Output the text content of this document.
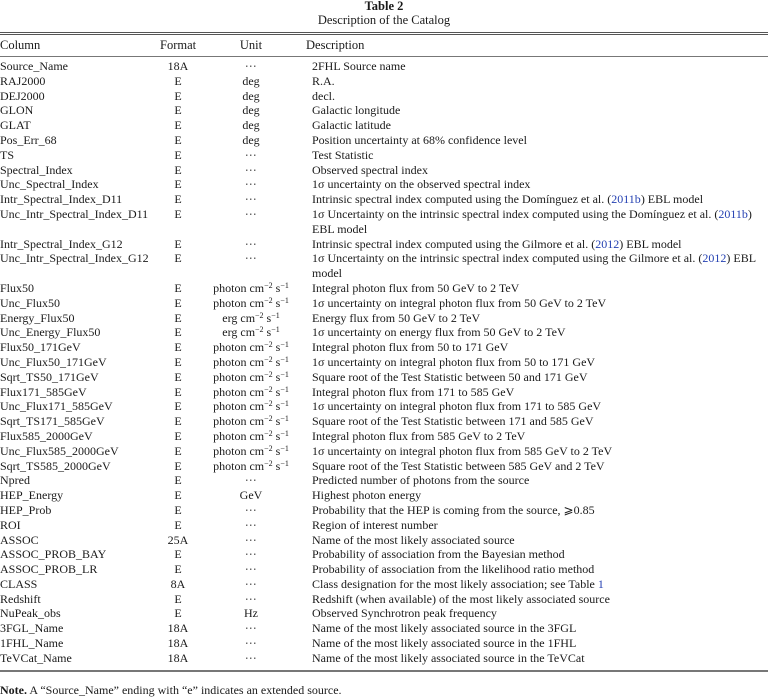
Table 2
Description of the Catalog
Column	Format	Unit	Description
Source_Name	18A	⋯	2FHL Source name
RAJ2000	E	deg	R.A.
DEJ2000	E	deg	decl.
GLON	E	deg	Galactic longitude
GLAT	E	deg	Galactic latitude
Pos_Err_68	E	deg	Position uncertainty at 68% confidence level
TS	E	⋯	Test Statistic
Spectral_Index	E	⋯	Observed spectral index
Unc_Spectral_Index	E	⋯	1σ uncertainty on the observed spectral index
Intr_Spectral_Index_D11	E	⋯	Intrinsic spectral index computed using the Domínguez et al. (2011b) EBL model
Unc_Intr_Spectral_Index_D11	E	⋯	1σ Uncertainty on the intrinsic spectral index computed using the Domínguez et al. (2011b) EBL model
Intr_Spectral_Index_G12	E	⋯	Intrinsic spectral index computed using the Gilmore et al. (2012) EBL model
Unc_Intr_Spectral_Index_G12	E	⋯	1σ Uncertainty on the intrinsic spectral index computed using the Gilmore et al. (2012) EBL model
Flux50	E	photon $cm^{-2}$ $s^{-1}$	Integral photon flux from 50 GeV to 2 TeV
Unc_Flux50	E	photon $cm^{-2}$ $s^{-1}$	1σ uncertainty on integral photon flux from 50 GeV to 2 TeV
Energy_Flux50	E	erg $cm^{-2}$ $s^{-1}$	Energy flux from 50 GeV to 2 TeV
Unc_Energy_Flux50	E	erg $cm^{-2}$ $s^{-1}$	1σ uncertainty on energy flux from 50 GeV to 2 TeV
Flux50_171GeV	E	photon $cm^{-2}$ $s^{-1}$	Integral photon flux from 50 to 171 GeV
Unc_Flux50_171GeV	E	photon $cm^{-2}$ $s^{-1}$	1σ uncertainty on integral photon flux from 50 to 171 GeV
Sqrt_TS50_171GeV	E	photon $cm^{-2}$ $s^{-1}$	Square root of the Test Statistic between 50 and 171 GeV
Flux171_585GeV	E	photon $cm^{-2}$ $s^{-1}$	Integral photon flux from 171 to 585 GeV
Unc_Flux171_585GeV	E	photon $cm^{-2}$ $s^{-1}$	1σ uncertainty on integral photon flux from 171 to 585 GeV
Sqrt_TS171_585GeV	E	photon $cm^{-2}$ $s^{-1}$	Square root of the Test Statistic between 171 and 585 GeV
Flux585_2000GeV	E	photon $cm^{-2}$ $s^{-1}$	Integral photon flux from 585 GeV to 2 TeV
Unc_Flux585_2000GeV	E	photon $cm^{-2}$ $s^{-1}$	1σ uncertainty on integral photon flux from 585 GeV to 2 TeV
Sqrt_TS585_2000GeV	E	photon $cm^{-2}$ $s^{-1}$	Square root of the Test Statistic between 585 GeV and 2 TeV
Npred	E	⋯	Predicted number of photons from the source
HEP_Energy	E	GeV	Highest photon energy
HEP_Prob	E	⋯	Probability that the HEP is coming from the source, ⩾0.85
ROI	E	⋯	Region of interest number
ASSOC	25A	⋯	Name of the most likely associated source
ASSOC_PROB_BAY	E	⋯	Probability of association from the Bayesian method
ASSOC_PROB_LR	E	⋯	Probability of association from the likelihood ratio method
CLASS	8A	⋯	Class designation for the most likely association; see Table 1
Redshift	E	⋯	Redshift (when available) of the most likely associated source
NuPeak_obs	E	Hz	Observed Synchrotron peak frequency
3FGL_Name	18A	⋯	Name of the most likely associated source in the 3FGL
1FHL_Name	18A	⋯	Name of the most likely associated source in the 1FHL
TeVCat_Name	18A	⋯	Name of the most likely associated source in the TeVCat
Note. A “Source_Name” ending with “e” indicates an extended source.
